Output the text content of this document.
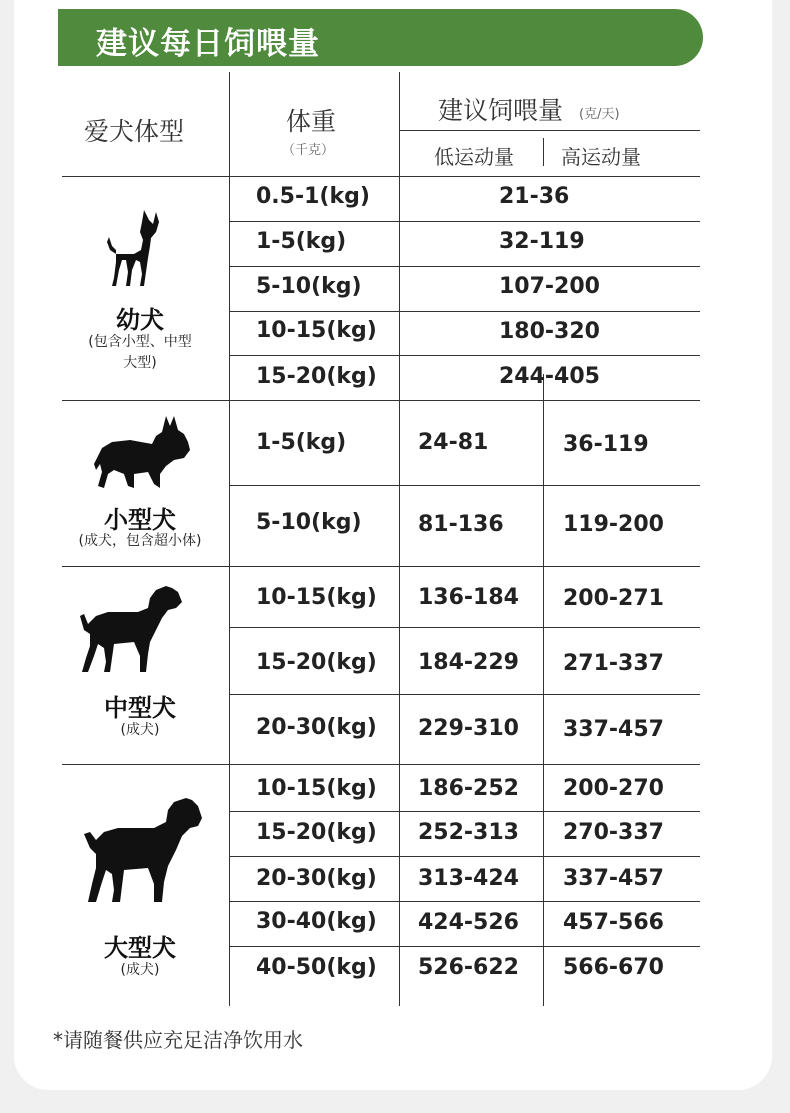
建议每日饲喂量
爱犬体型	体重
（千克）
建议饲喂量 (克/天)
低运动量 高运动量
幼犬
(包含小型、中型
大型)
0.5-1(kg)
1-5(kg)
5-10(kg)
10-15(kg)
15-20(kg)
21-36
32-119
107-200
180-320
244-405
小型犬
(成犬，包含超小体)
1-5(kg)
5-10(kg)
24-81
81-136
36-119
119-200
中型犬
(成犬)
10-15(kg)
15-20(kg)
20-30(kg)
136-184
184-229
229-310
200-271
271-337
337-457
大型犬
(成犬)
10-15(kg)
15-20(kg)
20-30(kg)
30-40(kg)
40-50(kg)
186-252
252-313
313-424
424-526
526-622
200-270
270-337
337-457
457-566
566-670
*请随餐供应充足洁净饮用水
